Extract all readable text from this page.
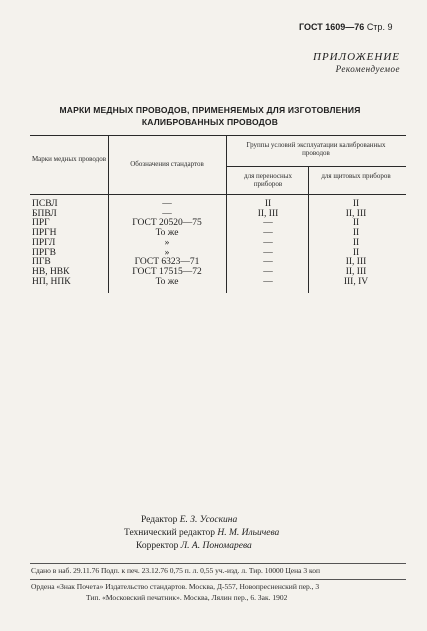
ГОСТ 1609—76 Стр. 9
ПРИЛОЖЕНИЕ
Рекомендуемое
МАРКИ МЕДНЫХ ПРОВОДОВ, ПРИМЕНЯЕМЫХ ДЛЯ ИЗГОТОВЛЕНИЯ
КАЛИБРОВАННЫХ ПРОВОДОВ
Марки медных проводов
Обозначения стандартов
Группы условий эксплуатации калиброванных проводов
для переносных приборов
для щитовых приборов
ПСВЛ	—	II	II
БПВЛ	—	II, III	II, III
ПРГ	ГОСТ 20520—75	—	II
ПРГН	То же	—	II
ПРГЛ	»	—	II
ПРГВ	»	—	II
ПГВ	ГОСТ 6323—71	—	II, III
НВ, НВК	ГОСТ 17515—72	—	II, III
НП, НПК	То же	—	III, IV
Редактор Е. З. Усоскина
Технический редактор Н. М. Ильичева
Корректор Л. А. Пономарева
Сдано в наб. 29.11.76 Подп. к печ. 23.12.76 0,75 п. л. 0,55 уч.-изд. л. Тир. 10000 Цена 3 коп
Ордена «Знак Почета» Издательство стандартов. Москва, Д-557, Новопресненский пер., 3
Тип. «Московский печатник». Москва, Лялин пер., 6. Зак. 1902
